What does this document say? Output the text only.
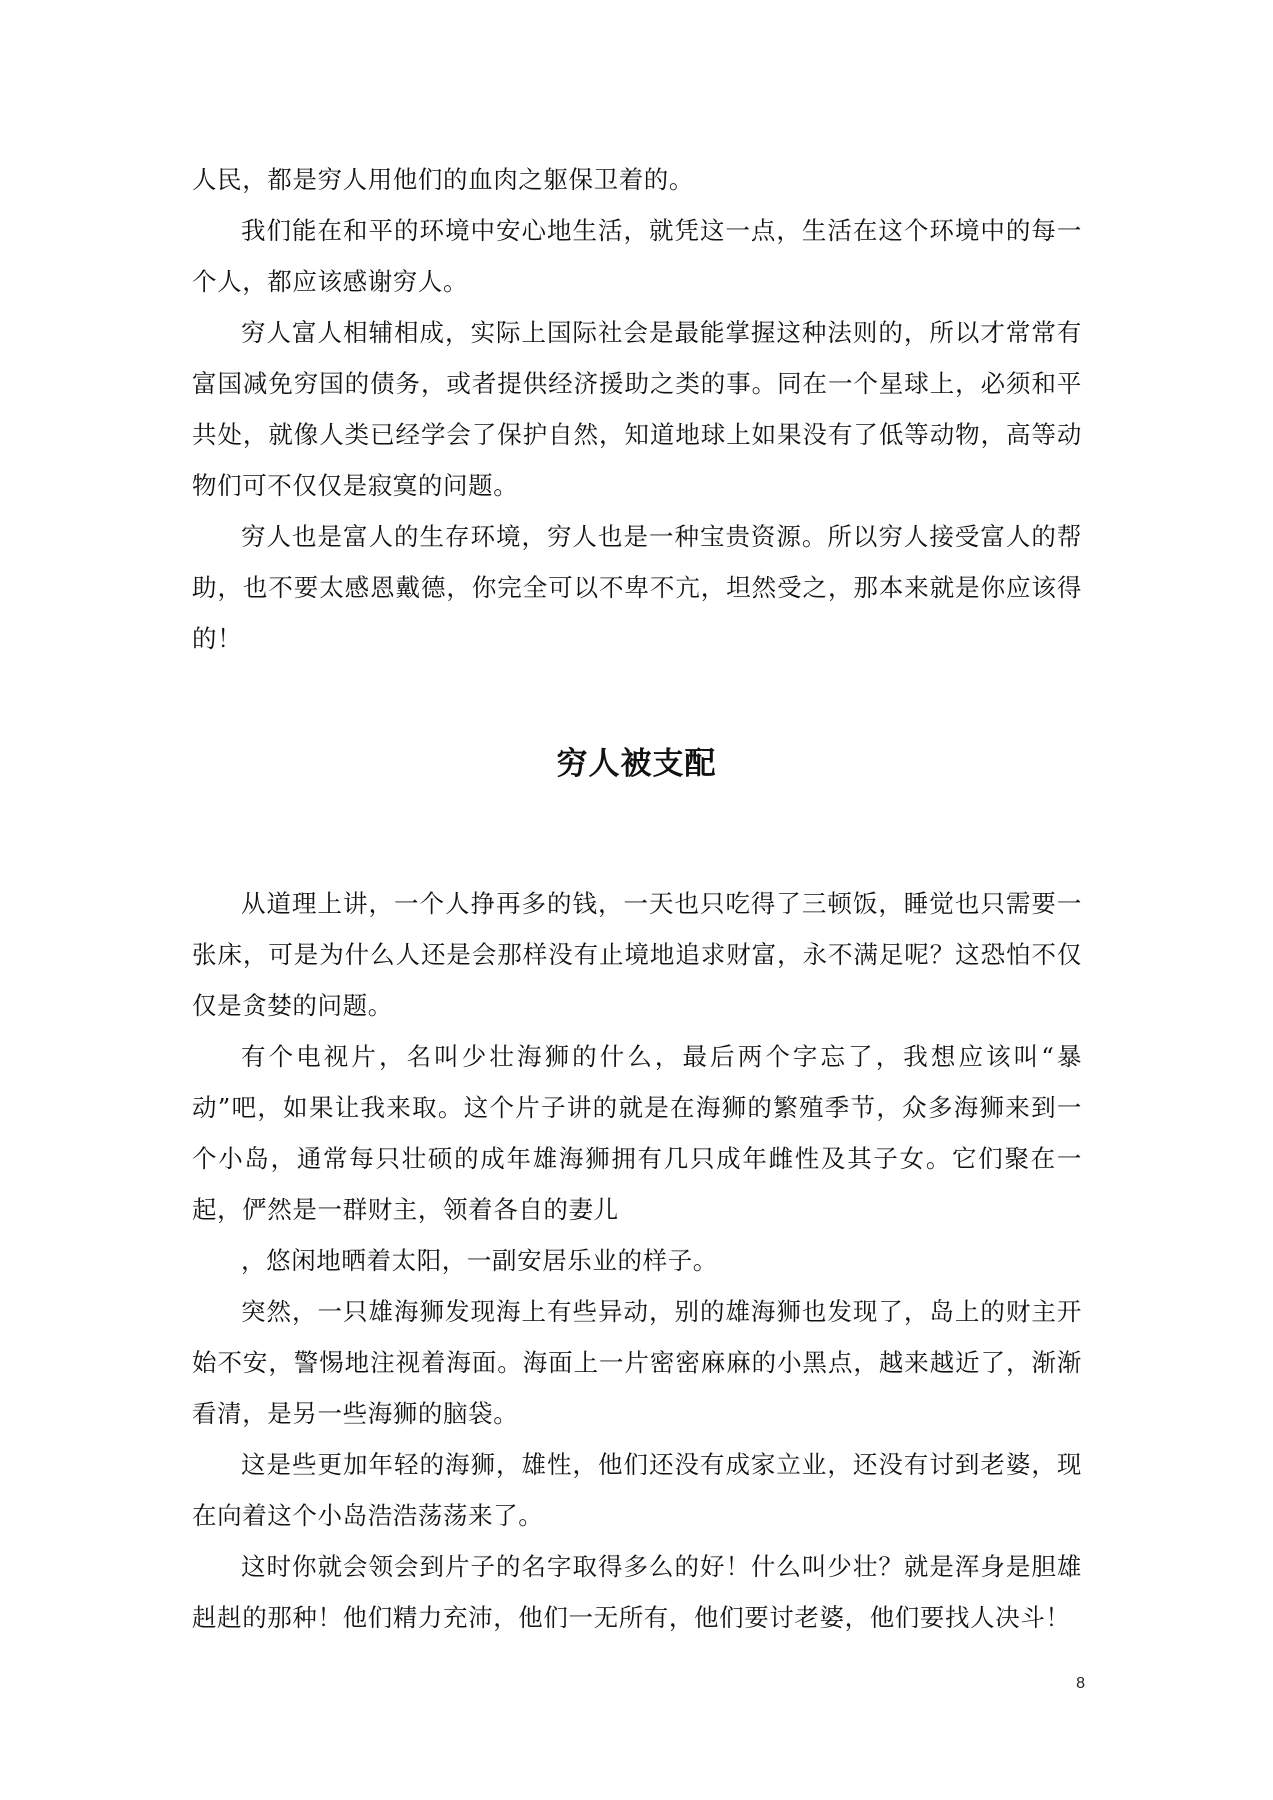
人民，都是穷人用他们的血肉之躯保卫着的。

我们能在和平的环境中安心地生活，就凭这一点，生活在这个环境中的每一个人，都应该感谢穷人。

穷人富人相辅相成，实际上国际社会是最能掌握这种法则的，所以才常常有富国减免穷国的债务，或者提供经济援助之类的事。同在一个星球上，必须和平共处，就像人类已经学会了保护自然，知道地球上如果没有了低等动物，高等动物们可不仅仅是寂寞的问题。

穷人也是富人的生存环境，穷人也是一种宝贵资源。所以穷人接受富人的帮助，也不要太感恩戴德，你完全可以不卑不亢，坦然受之，那本来就是你应该得的！

穷人被支配

从道理上讲，一个人挣再多的钱，一天也只吃得了三顿饭，睡觉也只需要一张床，可是为什么人还是会那样没有止境地追求财富，永不满足呢？这恐怕不仅仅是贪婪的问题。

有个电视片，名叫少壮海狮的什么，最后两个字忘了，我想应该叫“暴动”吧，如果让我来取。这个片子讲的就是在海狮的繁殖季节，众多海狮来到一个小岛，通常每只壮硕的成年雄海狮拥有几只成年雌性及其子女。它们聚在一起，俨然是一群财主，领着各自的妻儿

，悠闲地晒着太阳，一副安居乐业的样子。

突然，一只雄海狮发现海上有些异动，别的雄海狮也发现了，岛上的财主开始不安，警惕地注视着海面。海面上一片密密麻麻的小黑点，越来越近了，渐渐看清，是另一些海狮的脑袋。

这是些更加年轻的海狮，雄性，他们还没有成家立业，还没有讨到老婆，现在向着这个小岛浩浩荡荡来了。

这时你就会领会到片子的名字取得多么的好！什么叫少壮？就是浑身是胆雄赳赳的那种！他们精力充沛，他们一无所有，他们要讨老婆，他们要找人决斗！

8
